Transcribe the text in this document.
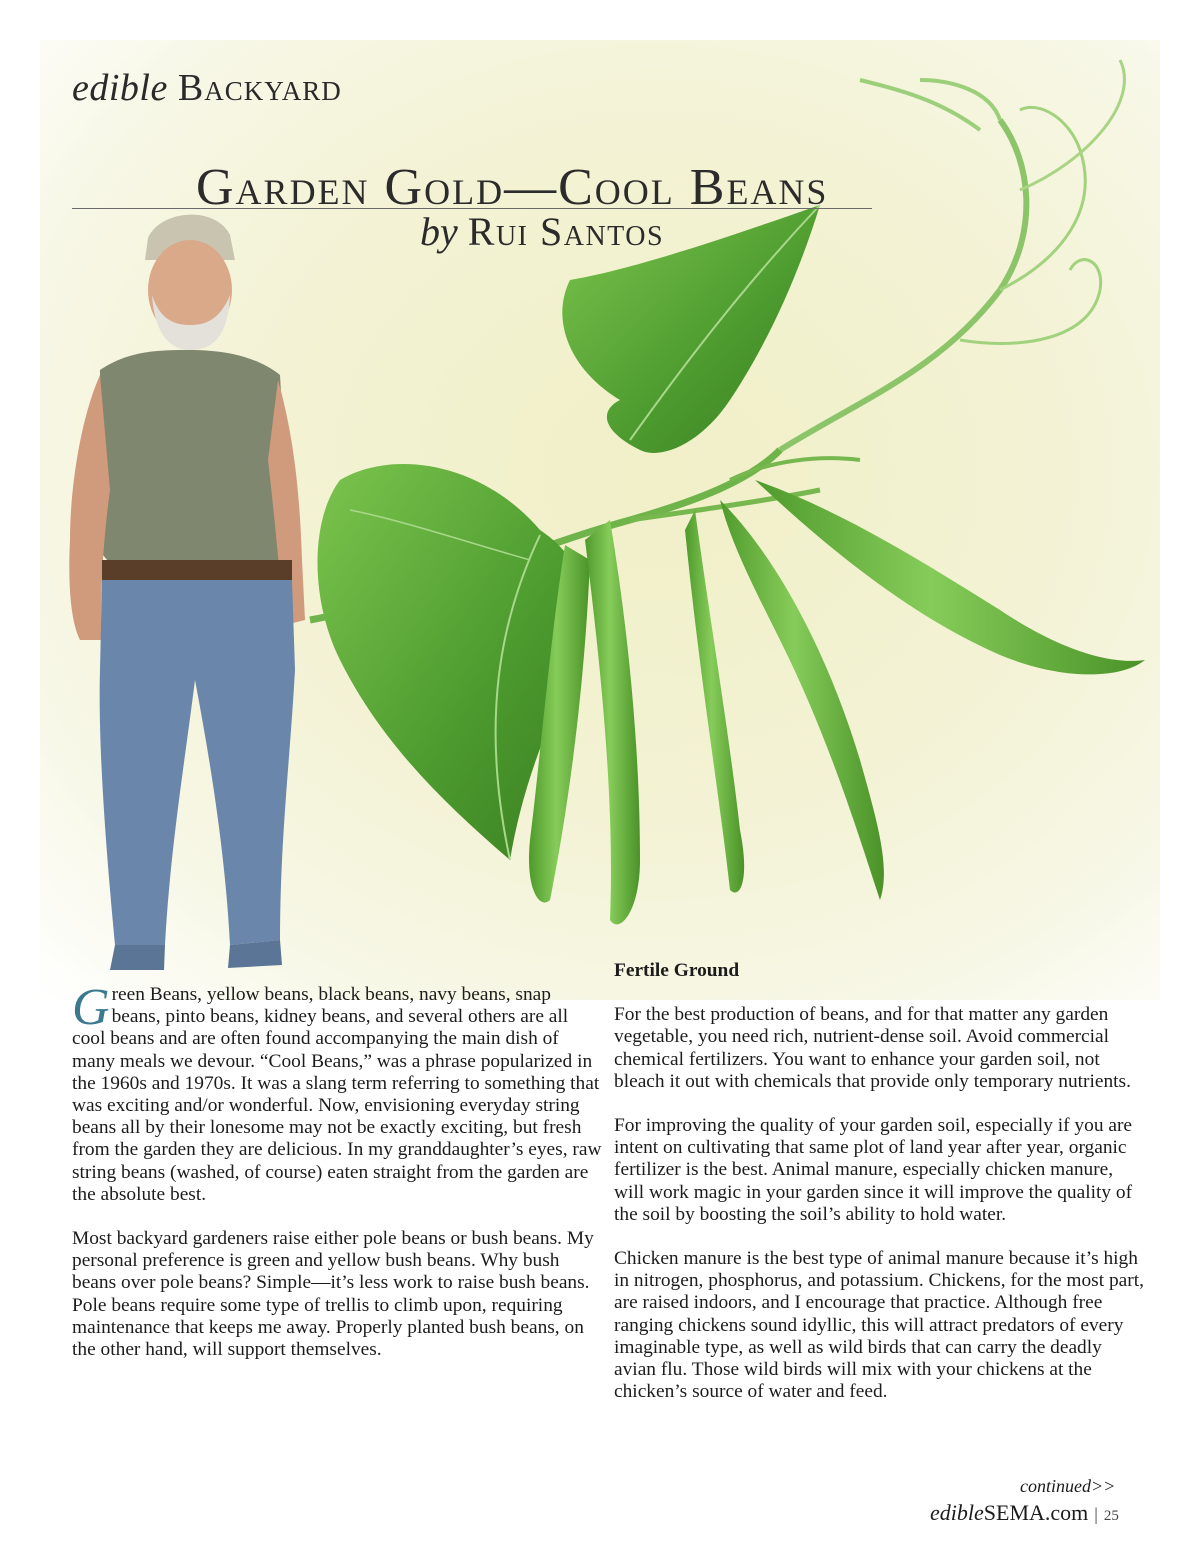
edible Backyard
Garden Gold—Cool Beans
by Rui Santos

Green Beans, yellow beans, black beans, navy beans, snap beans, pinto beans, kidney beans, and several others are all cool beans and are often found accompanying the main dish of many meals we devour. “Cool Beans,” was a phrase popularized in the 1960s and 1970s. It was a slang term referring to something that was exciting and/or wonderful. Now, envisioning everyday string beans all by their lonesome may not be exactly exciting, but fresh from the garden they are delicious. In my granddaughter’s eyes, raw string beans (washed, of course) eaten straight from the garden are the absolute best.

Most backyard gardeners raise either pole beans or bush beans. My personal preference is green and yellow bush beans. Why bush beans over pole beans? Simple—it’s less work to raise bush beans. Pole beans require some type of trellis to climb upon, requiring maintenance that keeps me away. Properly planted bush beans, on the other hand, will support themselves.

Fertile Ground

For the best production of beans, and for that matter any garden vegetable, you need rich, nutrient-dense soil. Avoid commercial chemical fertilizers. You want to enhance your garden soil, not bleach it out with chemicals that provide only temporary nutrients.

For improving the quality of your garden soil, especially if you are intent on cultivating that same plot of land year after year, organic fertilizer is the best. Animal manure, especially chicken manure, will work magic in your garden since it will improve the quality of the soil by boosting the soil’s ability to hold water.

Chicken manure is the best type of animal manure because it’s high in nitrogen, phosphorus, and potassium. Chickens, for the most part, are raised indoors, and I encourage that practice. Although free ranging chickens sound idyllic, this will attract predators of every imaginable type, as well as wild birds that can carry the deadly avian flu. Those wild birds will mix with your chickens at the chicken’s source of water and feed.

continued>>
edibleSEMA.com | 25
